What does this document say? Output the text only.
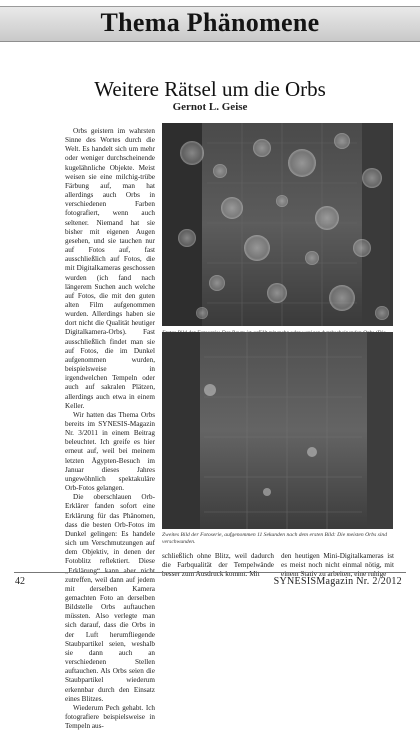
Thema Phänomene
Weitere Rätsel um die Orbs
Gernot L. Geise

Orbs geistern im wahrsten Sinne des Wortes durch die Welt. Es handelt sich um mehr oder weniger durchscheinende kugelähnliche Objekte. Meist weisen sie eine milchig-trübe Färbung auf, man hat allerdings auch Orbs in verschiedenen Farben fotografiert, wenn auch seltener. Niemand hat sie bisher mit eigenen Augen gesehen, und sie tauchen nur auf Fotos auf, fast ausschließlich auf Fotos, die mit Digitalkameras geschossen wurden (ich fand nach längerem Suchen auch welche auf Fotos, die mit den guten alten Film aufgenommen wurden. Allerdings haben sie dort nicht die Qualität heutiger Digitalkamera-Orbs). Fast ausschließlich findet man sie auf Fotos, die im Dunkel aufgenommen wurden, beispielsweise in irgendwelchen Tempeln oder auch auf sakralen Plätzen, allerdings auch etwa in einem Keller.

Wir hatten das Thema Orbs bereits im SYNESIS-Magazin Nr. 3/2011 in einem Beitrag beleuchtet. Ich greife es hier erneut auf, weil bei meinem letzten Ägypten-Besuch im Januar dieses Jahres ungewöhnlich spektakuläre Orb-Fotos gelangen.

Die oberschlauen Orb-Erklärer fanden sofort eine Erklärung für das Phänomen, dass die besten Orb-Fotos im Dunkel gelingen: Es handele sich um Verschmutzungen auf dem Objektiv, in denen der Fotoblitz reflektiert. Diese „Erklärung“ kann aber nicht zutreffen, weil dann auf jedem mit derselben Kamera gemachten Foto an derselben Bildstelle Orbs auftauchen müssten. Also verlegte man sich darauf, dass die Orbs in der Luft herumfliegende Staubpartikel seien, weshalb sie dann auch an verschiedenen Stellen auftauchen. Als Orbs seien die Staubpartikel wiederum erkennbar durch den Einsatz eines Blitzes.

Wiederum Pech gehabt. Ich fotografiere beispielsweise in Tempeln aus-

Zweites Bild der Fotoserie, aufgenommen 11 Sekunden nach dem ersten Bild: Die meisten Orbs sind verschwunden.
schließlich ohne Blitz, weil dadurch die Farbqualität der Tempelwände besser zum Ausdruck kommt. Mit
den heutigen Mini-Digitalkameras ist es meist noch nicht einmal nötig, mit einem Stativ zu arbeiten, eine ruhige
42	SYNESISMagazin Nr. 2/2012
